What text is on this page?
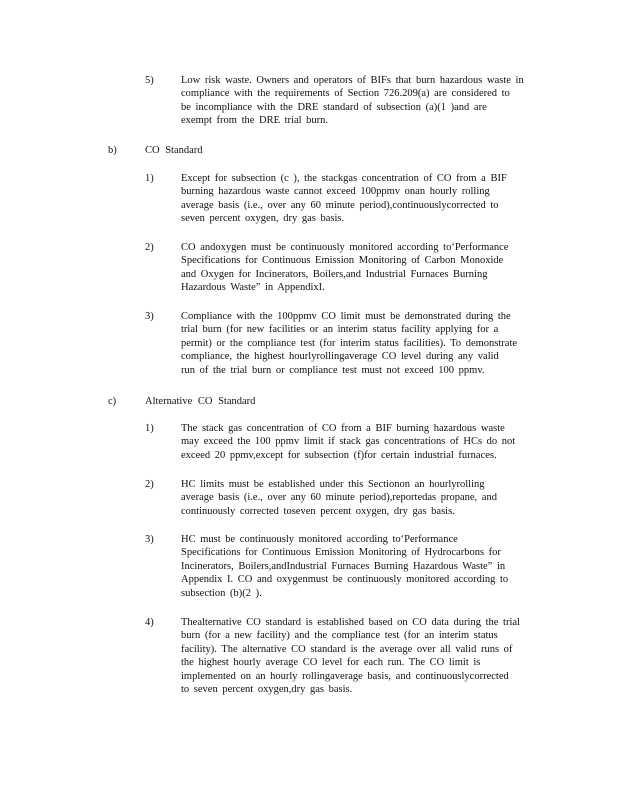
5)	Low risk waste. Owners and operators of BIFs that burn hazardous waste in
compliance with the requirements of Section 726.209(a) are considered to
be incompliance with the DRE standard of subsection (a)(1 )and are
exempt from the DRE trial burn.
b)	CO Standard
1)	Except for subsection (c ), the stackgas concentration of CO from a BIF
burning hazardous waste cannot exceed 100ppmv onan hourly rolling
average basis (i.e., over any 60 minute period),continuouslycorrected to
seven percent oxygen, dry gas basis.
2)	CO andoxygen must be continuously monitored according to‘Performance
Specifications for Continuous Emission Monitoring of Carbon Monoxide
and Oxygen for Incinerators, Boilers,and Industrial Furnaces Burning
Hazardous Waste” in AppendixI.
3)	Compliance with the 100ppmv CO limit must be demonstrated during the
trial burn (for new facilities or an interim status facility applying for a
permit) or the compliance test (for interim status facilities). To demonstrate
compliance, the highest hourlyrollingaverage CO level during any valid
run of the trial burn or compliance test must not exceed 100 ppmv.
c)	Alternative CO Standard
1)	The stack gas concentration of CO from a BIF burning hazardous waste
may exceed the 100 ppmv limit if stack gas concentrations of HCs do not
exceed 20 ppmv,except for subsection (f)for certain industrial furnaces.
2)	HC limits must be established under this Sectionon an hourlyrolling
average basis (i.e., over any 60 minute period),reportedas propane, and
continuously corrected toseven percent oxygen, dry gas basis.
3)	HC must be continuously monitored according to‘Performance
Specifications for Continuous Emission Monitoring of Hydrocarbons for
Incinerators, Boilers,andIndustrial Furnaces Burning Hazardous Waste” in
Appendix I. CO and oxygenmust be continuously monitored according to
subsection (b)(2 ).
4)	Thealternative CO standard is established based on CO data during the trial
burn (for a new facility) and the compliance test (for an interim status
facility). The alternative CO standard is the average over all valid runs of
the highest hourly average CO level for each run. The CO limit is
implemented on an hourly rollingaverage basis, and continuouslycorrected
to seven percent oxygen,dry gas basis.
